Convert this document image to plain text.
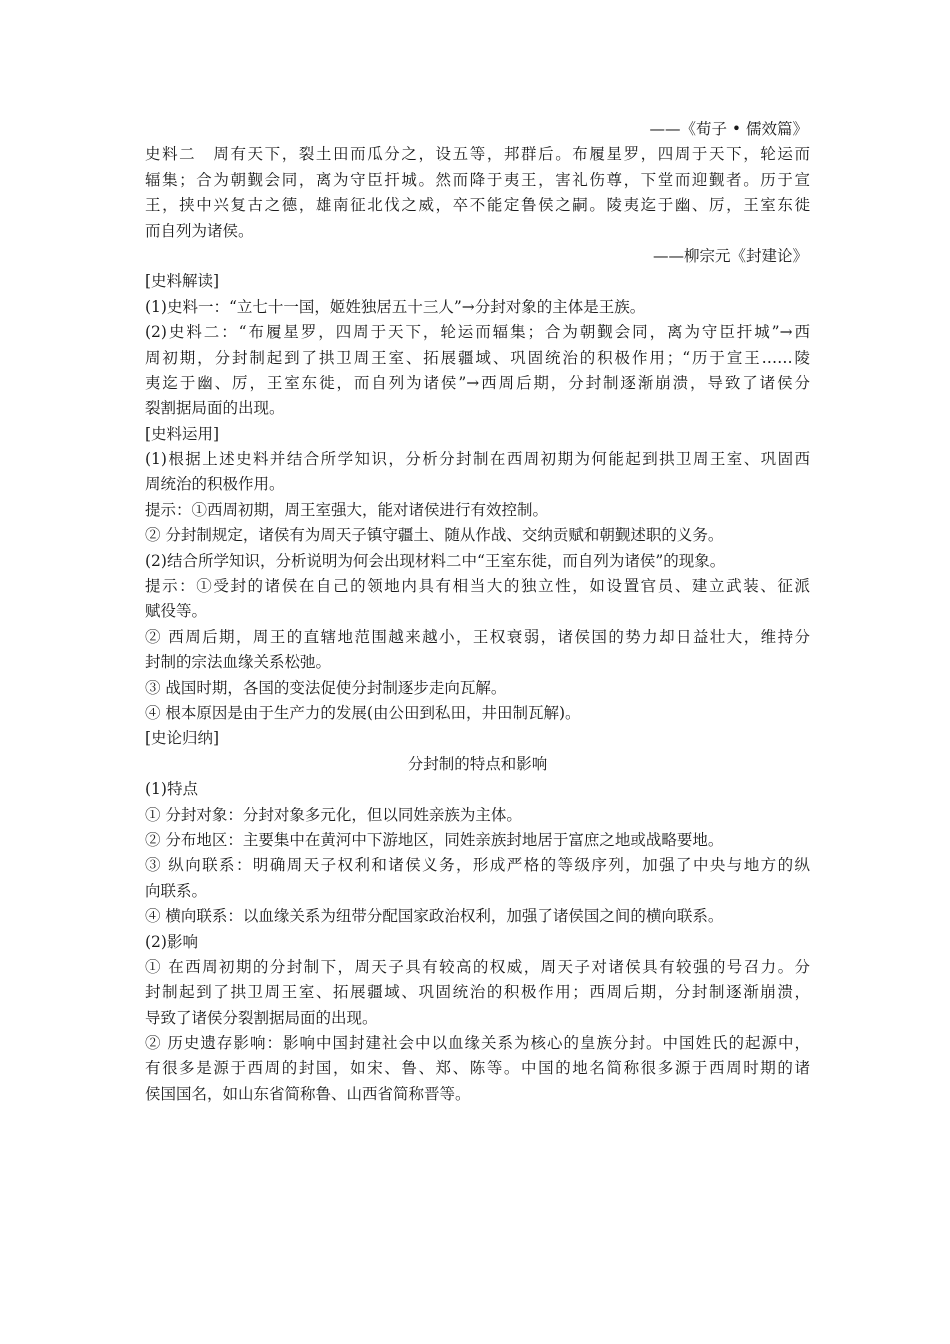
——《荀子 • 儒效篇》
史料二　周有天下，裂土田而瓜分之，设五等，邦群后。布履星罗，四周于天下，轮运而
辐集；合为朝觐会同，离为守臣扞城。然而降于夷王，害礼伤尊，下堂而迎觐者。历于宣
王，挟中兴复古之德，雄南征北伐之威，卒不能定鲁侯之嗣。陵夷迄于幽、厉，王室东徙
而自列为诸侯。
——柳宗元《封建论》
[史料解读]
(1)史料一：“立七十一国，姬姓独居五十三人”→分封对象的主体是王族。
(2)史料二：“布履星罗，四周于天下，轮运而辐集；合为朝觐会同，离为守臣扞城”→西
周初期，分封制起到了拱卫周王室、拓展疆域、巩固统治的积极作用；“历于宣王……陵
夷迄于幽、厉，王室东徙，而自列为诸侯”→西周后期，分封制逐渐崩溃，导致了诸侯分
裂割据局面的出现。
[史料运用]
(1)根据上述史料并结合所学知识，分析分封制在西周初期为何能起到拱卫周王室、巩固西
周统治的积极作用。
提示：①西周初期，周王室强大，能对诸侯进行有效控制。
② 分封制规定，诸侯有为周天子镇守疆土、随从作战、交纳贡赋和朝觐述职的义务。
(2)结合所学知识，分析说明为何会出现材料二中“王室东徙，而自列为诸侯”的现象。
提示：①受封的诸侯在自己的领地内具有相当大的独立性，如设置官员、建立武装、征派
赋役等。
② 西周后期，周王的直辖地范围越来越小，王权衰弱，诸侯国的势力却日益壮大，维持分
封制的宗法血缘关系松弛。
③ 战国时期，各国的变法促使分封制逐步走向瓦解。
④ 根本原因是由于生产力的发展(由公田到私田，井田制瓦解)。
[史论归纳]
分封制的特点和影响
(1)特点
① 分封对象：分封对象多元化，但以同姓亲族为主体。
② 分布地区：主要集中在黄河中下游地区，同姓亲族封地居于富庶之地或战略要地。
③ 纵向联系：明确周天子权利和诸侯义务，形成严格的等级序列，加强了中央与地方的纵
向联系。
④ 横向联系：以血缘关系为纽带分配国家政治权利，加强了诸侯国之间的横向联系。
(2)影响
① 在西周初期的分封制下，周天子具有较高的权威，周天子对诸侯具有较强的号召力。分
封制起到了拱卫周王室、拓展疆域、巩固统治的积极作用；西周后期，分封制逐渐崩溃，
导致了诸侯分裂割据局面的出现。
② 历史遗存影响：影响中国封建社会中以血缘关系为核心的皇族分封。中国姓氏的起源中，
有很多是源于西周的封国，如宋、鲁、郑、陈等。中国的地名简称很多源于西周时期的诸
侯国国名，如山东省简称鲁、山西省简称晋等。
